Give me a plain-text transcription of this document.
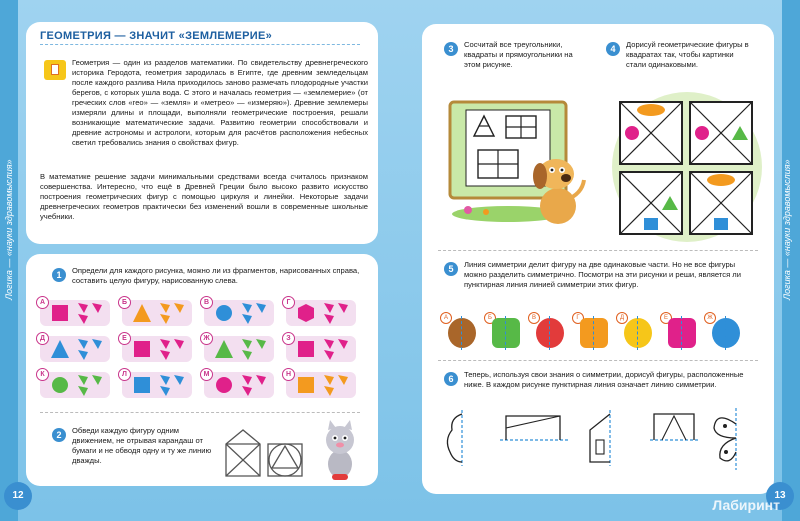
Логика — «науки здравомыслия»
ГЕОМЕТРИЯ — ЗНАЧИТ «ЗЕМЛЕМЕРИЕ»
Геометрия — один из разделов математики. По свидетельству древнегреческого историка Геродота, геометрия зародилась в Египте, где древним земледельцам после каждого разлива Нила приходилось заново размечать плодородные участки берегов, с которых ушла вода. С этого и началась геометрия — «землемерие» (от греческих слов «гео» — «земля» и «метрео» — «измеряю»). Древние землемеры измеряли длины и площади, выполняли геометрические построения, решали возникающие математические задачи. Развитию геометрии способствовали и древние астрономы и астрологи, которым для расчётов расположения небесных светил требовались знания о свойствах фигур.
В математике решение задачи минимальными средствами всегда считалось признаком совершенства. Интересно, что ещё в Древней Греции было высоко развито искусство построения геометрических фигур с помощью циркуля и линейки. Некоторые задачи древнегреческих геометров практически без изменений вошли в современные школьные учебники.
1	Определи для каждого рисунка, можно ли из фрагментов, нарисованных справа, составить целую фигуру, нарисованную слева.
2	Обведи каждую фигуру одним движением, не отрывая карандаш от бумаги и не обводя одну и ту же линию дважды.
12
А	Б	В	Г
Д	Е	Ж	З
К	Л	М	Н
3	Сосчитай все треугольники, квадраты и прямоугольники на этом рисунке.
4	Дорисуй геометрические фигуры в квадратах так, чтобы картинки стали одинаковыми.
5	Линия симметрии делит фигуру на две одинаковые части. Но не все фигуры можно разделить симметрично. Посмотри на эти рисунки и реши, является ли пунктирная линия линией симметрии этих фигур.
6	Теперь, используя свои знания о симметрии, дорисуй фигуры, расположенные ниже. В каждом рисунке пунктирная линия означает линию симметрии.
13
Лабиринт
А	Б	В	Г	Д	Е	Ж
Логика — «науки здравомыслия»
